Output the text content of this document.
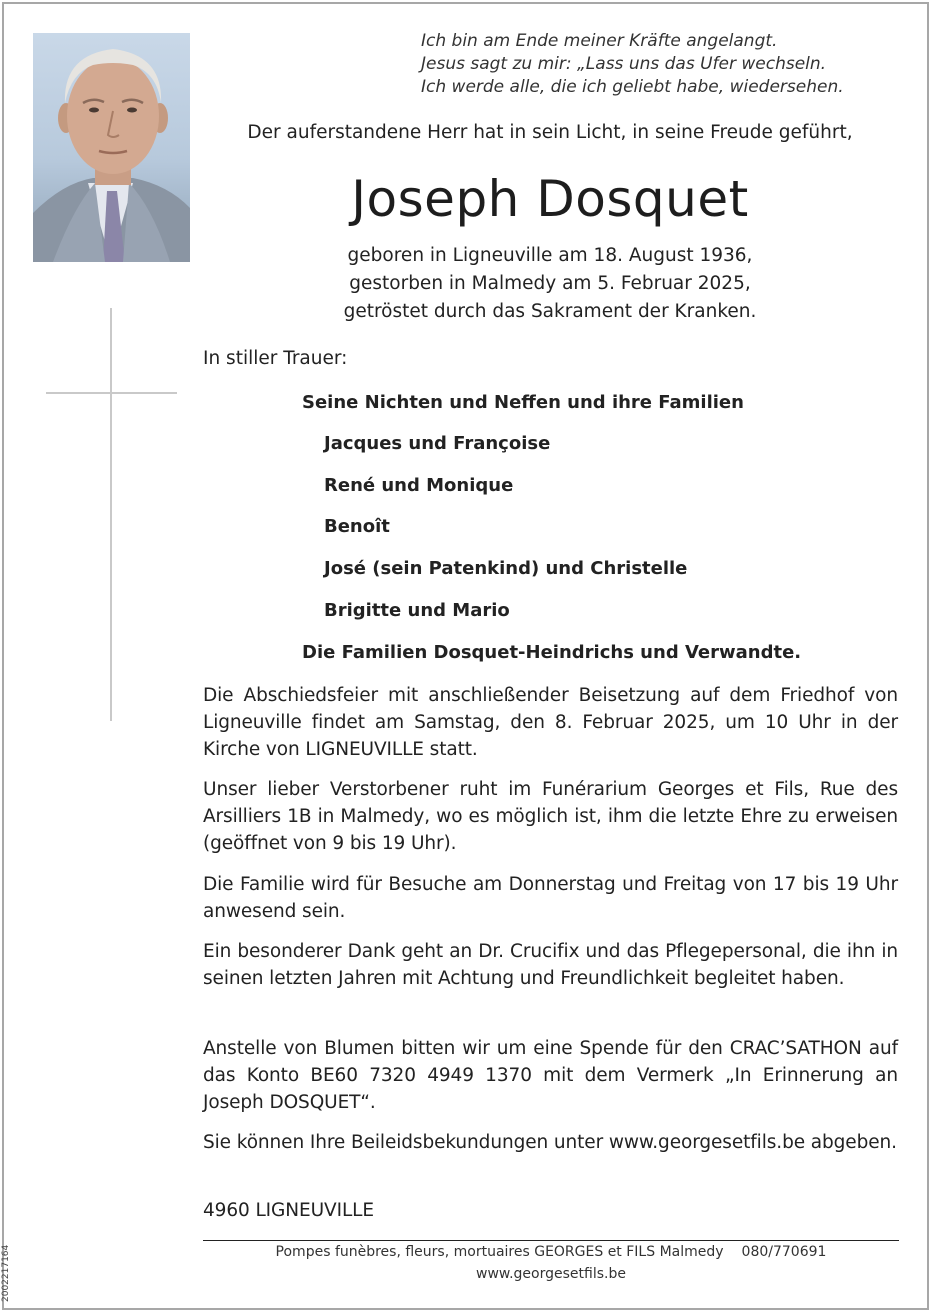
Ich bin am Ende meiner Kräfte angelangt.
Jesus sagt zu mir: „Lass uns das Ufer wechseln.
Ich werde alle, die ich geliebt habe, wiedersehen.
Der auferstandene Herr hat in sein Licht, in seine Freude geführt,
Joseph Dosquet
geboren in Ligneuville am 18. August 1936,
gestorben in Malmedy am 5. Februar 2025,
getröstet durch das Sakrament der Kranken.
In stiller Trauer:
Seine Nichten und Neffen und ihre Familien
Jacques und Françoise
René und Monique
Benoît
José (sein Patenkind) und Christelle
Brigitte und Mario
Die Familien Dosquet-Heindrichs und Verwandte.
Die Abschiedsfeier mit anschließender Beisetzung auf dem Friedhof von Ligneuville findet am Samstag, den 8. Februar 2025, um 10 Uhr in der Kirche von LIGNEUVILLE statt.
Unser lieber Verstorbener ruht im Funérarium Georges et Fils, Rue des Arsilliers 1B in Malmedy, wo es möglich ist, ihm die letzte Ehre zu erweisen (geöffnet von 9 bis 19 Uhr).
Die Familie wird für Besuche am Donnerstag und Freitag von 17 bis 19 Uhr anwesend sein.
Ein besonderer Dank geht an Dr. Crucifix und das Pflegepersonal, die ihn in seinen letzten Jahren mit Achtung und Freundlichkeit begleitet haben.
Anstelle von Blumen bitten wir um eine Spende für den CRAC’SATHON auf das Konto BE60 7320 4949 1370 mit dem Vermerk „In Erinnerung an Joseph DOSQUET“.
Sie können Ihre Beileidsbekundungen unter www.georgesetfils.be abgeben.
4960 LIGNEUVILLE
Pompes funèbres, fleurs, mortuaires GEORGES et FILS Malmedy 080/770691
www.georgesetfils.be
2002217164
